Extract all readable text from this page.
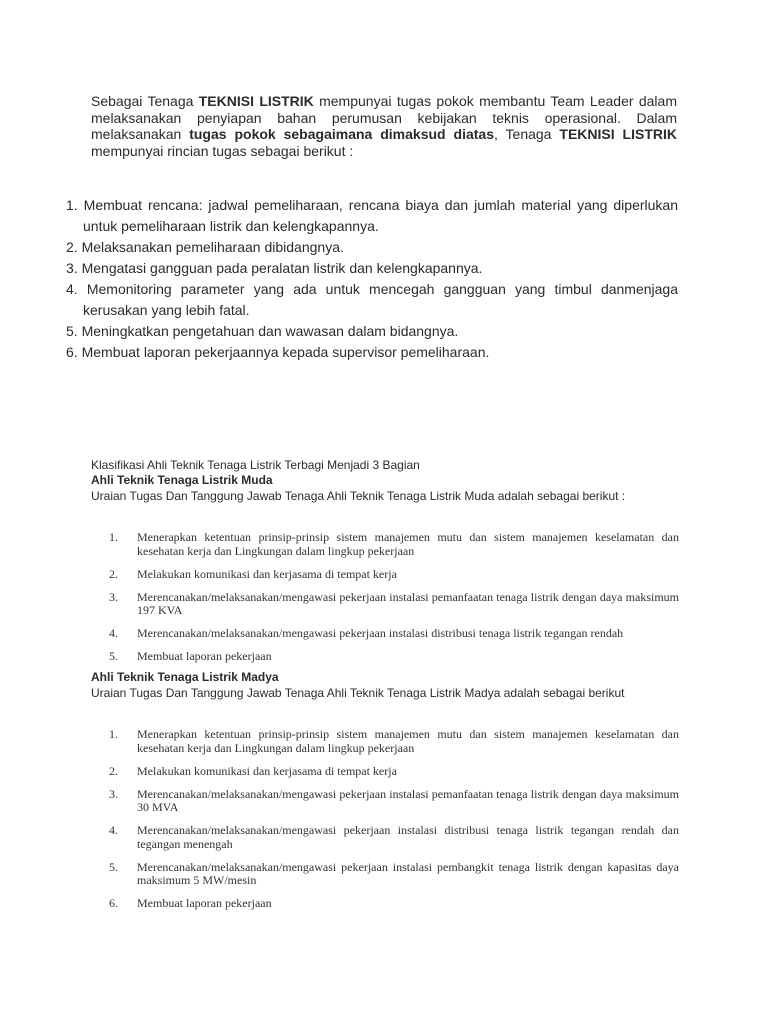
Sebagai Tenaga TEKNISI LISTRIK mempunyai tugas pokok membantu Team Leader dalam melaksanakan penyiapan bahan perumusan kebijakan teknis operasional. Dalam melaksanakan tugas pokok sebagaimana dimaksud diatas, Tenaga TEKNISI LISTRIK mempunyai rincian tugas sebagai berikut :

1. Membuat rencana: jadwal pemeliharaan, rencana biaya dan jumlah material yang diperlukan untuk pemeliharaan listrik dan kelengkapannya.
2. Melaksanakan pemeliharaan dibidangnya.
3. Mengatasi gangguan pada peralatan listrik dan kelengkapannya.
4. Memonitoring parameter yang ada untuk mencegah gangguan yang timbul danmenjaga kerusakan yang lebih fatal.
5. Meningkatkan pengetahuan dan wawasan dalam bidangnya.
6. Membuat laporan pekerjaannya kepada supervisor pemeliharaan.

Klasifikasi Ahli Teknik Tenaga Listrik Terbagi Menjadi 3 Bagian

Ahli Teknik Tenaga Listrik Muda

Uraian Tugas Dan Tanggung Jawab Tenaga Ahli Teknik Tenaga Listrik Muda adalah sebagai berikut :

1. Menerapkan ketentuan prinsip-prinsip sistem manajemen mutu dan sistem manajemen keselamatan dan kesehatan kerja dan Lingkungan dalam lingkup pekerjaan
2. Melakukan komunikasi dan kerjasama di tempat kerja
3. Merencanakan/melaksanakan/mengawasi pekerjaan instalasi pemanfaatan tenaga listrik dengan daya maksimum 197 KVA
4. Merencanakan/melaksanakan/mengawasi pekerjaan instalasi distribusi tenaga listrik tegangan rendah
5. Membuat laporan pekerjaan

Ahli Teknik Tenaga Listrik Madya

Uraian Tugas Dan Tanggung Jawab Tenaga Ahli Teknik Tenaga Listrik Madya adalah sebagai berikut

1. Menerapkan ketentuan prinsip-prinsip sistem manajemen mutu dan sistem manajemen keselamatan dan kesehatan kerja dan Lingkungan dalam lingkup pekerjaan
2. Melakukan komunikasi dan kerjasama di tempat kerja
3. Merencanakan/melaksanakan/mengawasi pekerjaan instalasi pemanfaatan tenaga listrik dengan daya maksimum 30 MVA
4. Merencanakan/melaksanakan/mengawasi pekerjaan instalasi distribusi tenaga listrik tegangan rendah dan tegangan menengah
5. Merencanakan/melaksanakan/mengawasi pekerjaan instalasi pembangkit tenaga listrik dengan kapasitas daya maksimum 5 MW/mesin
6. Membuat laporan pekerjaan
